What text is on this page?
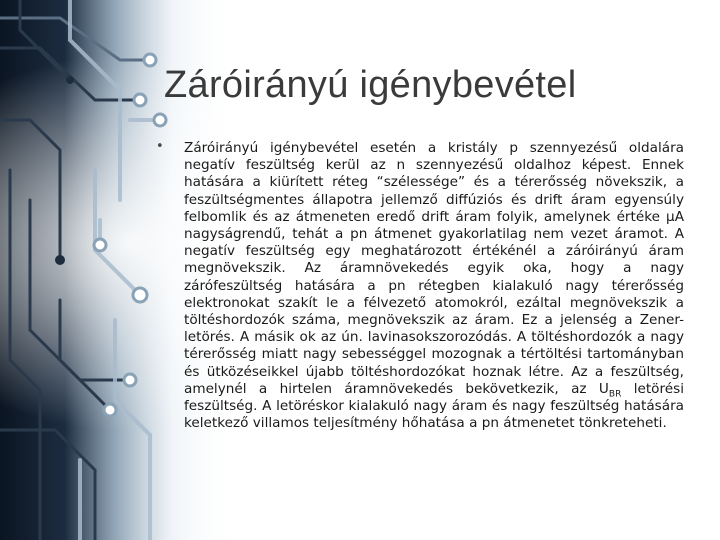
Záróirányú igénybevétel
• Záróirányú igénybevétel esetén a kristály p szennyezésű oldalára negatív feszültség kerül az n szennyezésű oldalhoz képest. Ennek hatására a kiürített réteg “szélessége” és a térerősség növekszik, a feszültségmentes állapotra jellemző diffúziós és drift áram egyensúly felbomlik és az átmeneten eredő drift áram folyik, amelynek értéke µA nagyságrendű, tehát a pn átmenet gyakorlatilag nem vezet áramot. A negatív feszültség egy meghatározott értékénél a záróirányú áram megnövekszik. Az áramnövekedés egyik oka, hogy a nagy zárófeszültség hatására a pn rétegben kialakuló nagy térerősség elektronokat szakít le a félvezető atomokról, ezáltal megnövekszik a töltéshordozók száma, megnövekszik az áram. Ez a jelenség a Zener-letörés. A másik ok az ún. lavinasokszorozódás. A töltéshordozók a nagy térerősség miatt nagy sebességgel mozognak a tértöltési tartományban és ütközéseikkel újabb töltéshordozókat hoznak létre. Az a feszültség, amelynél a hirtelen áramnövekedés bekövetkezik, az $U_{BR}$ letörési feszültség. A letöréskor kialakuló nagy áram és nagy feszültség hatására keletkező villamos teljesítmény hőhatása a pn átmenetet tönkreteheti.
